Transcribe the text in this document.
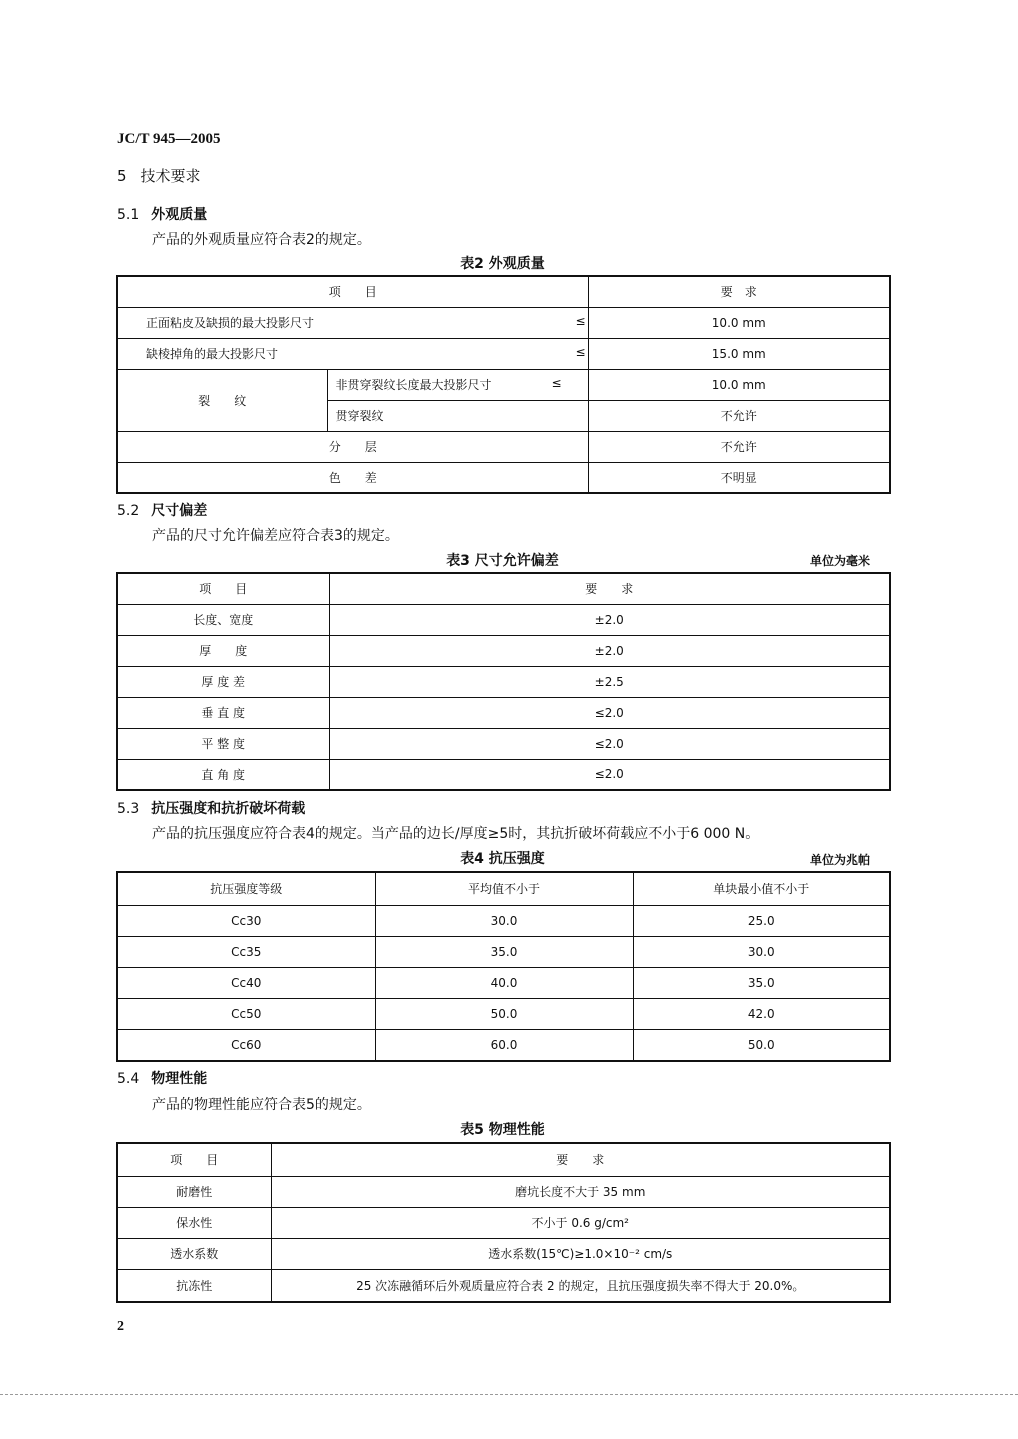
JC/T 945—2005
5 技术要求
5.1 外观质量
产品的外观质量应符合表2的规定。
表2 外观质量
项　　目		要　求
正面粘皮及缺损的最大投影尺寸 ≤		10.0 mm
缺棱掉角的最大投影尺寸 ≤		15.0 mm
裂　　纹	非贯穿裂纹长度最大投影尺寸 ≤	10.0 mm
	贯穿裂纹	不允许
分　　层		不允许
色　　差		不明显
5.2 尺寸偏差
产品的尺寸允许偏差应符合表3的规定。
表3 尺寸允许偏差	单位为毫米
项　　目	要　　求
长度、宽度	±2.0
厚　　度	±2.0
厚 度 差	±2.5
垂 直 度	≤2.0
平 整 度	≤2.0
直 角 度	≤2.0
5.3 抗压强度和抗折破坏荷载
产品的抗压强度应符合表4的规定。当产品的边长/厚度≥5时，其抗折破坏荷载应不小于6 000 N。
表4 抗压强度	单位为兆帕
抗压强度等级	平均值不小于	单块最小值不小于
Cc30	30.0	25.0
Cc35	35.0	30.0
Cc40	40.0	35.0
Cc50	50.0	42.0
Cc60	60.0	50.0
5.4 物理性能
产品的物理性能应符合表5的规定。
表5 物理性能
项　　目	要　　求
耐磨性	磨坑长度不大于 35 mm
保水性	不小于 0.6 g/cm²
透水系数	透水系数(15℃)≥1.0×10⁻² cm/s
抗冻性	25 次冻融循环后外观质量应符合表 2 的规定，且抗压强度损失率不得大于 20.0%。
2
